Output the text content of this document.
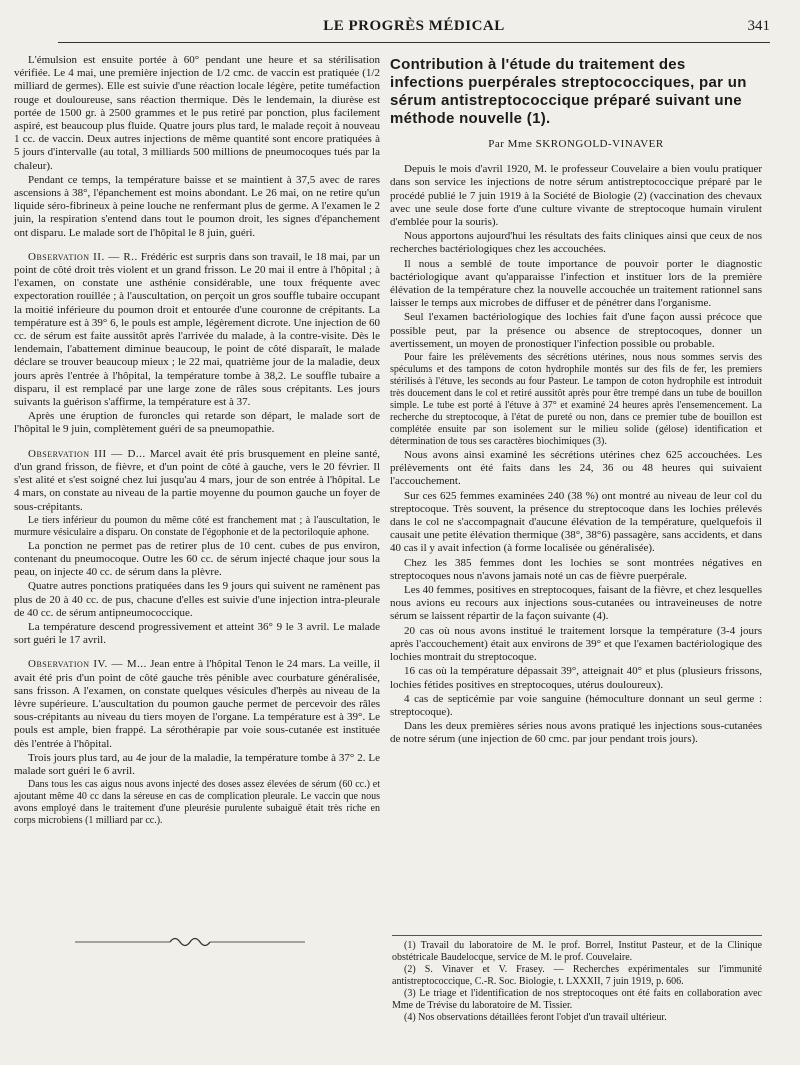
LE PROGRÈS MÉDICAL	341

L'émulsion est ensuite portée à 60° pendant une heure et sa stérilisation vérifiée. Le 4 mai, une première injection de 1/2 cmc. de vaccin est pratiquée (1/2 milliard de germes). Elle est suivie d'une réaction locale légère, petite tuméfaction rouge et douloureuse, sans réaction thermique. Dès le lendemain, la diurèse est portée de 1500 gr. à 2500 grammes et le pus retiré par ponction, plus facilement aspiré, est beaucoup plus fluide. Quatre jours plus tard, le malade reçoit à nouveau 1 cc. de vaccin. Deux autres injections de même quantité sont encore pratiquées à 5 jours d'intervalle (au total, 3 milliards 500 millions de pneumocoques tués par la chaleur).

Pendant ce temps, la température baisse et se maintient à 37,5 avec de rares ascensions à 38°, l'épanchement est moins abondant. Le 26 mai, on ne retire qu'un liquide séro-fibrineux à peine louche ne renfermant plus de germe. A l'examen le 2 juin, la respiration s'entend dans tout le poumon droit, les signes d'épanchement ont disparu. Le malade sort de l'hôpital le 8 juin, guéri.

Observation II. — R.. Frédéric est surpris dans son travail, le 18 mai, par un point de côté droit très violent et un grand frisson. Le 20 mai il entre à l'hôpital ; à l'examen, on constate une asthénie considérable, une toux fréquente avec expectoration rouillée ; à l'auscultation, on perçoit un gros souffle tubaire occupant la moitié inférieure du poumon droit et entourée d'une couronne de crépitants. La température est à 39° 6, le pouls est ample, légèrement dicrote. Une injection de 60 cc. de sérum est faite aussitôt après l'arrivée du malade, à la contre-visite. Dès le lendemain, l'abattement diminue beaucoup, le point de côté disparaît, le malade déclare se trouver beaucoup mieux ; le 22 mai, quatrième jour de la maladie, deux jours après l'entrée à l'hôpital, la température tombe à 38,2. Le souffle tubaire a disparu, il est remplacé par une large zone de râles sous crépitants. Les jours suivants la guérison s'affirme, la température est à 37.

Après une éruption de furoncles qui retarde son départ, le malade sort de l'hôpital le 9 juin, complètement guéri de sa pneumopathie.

Observation III — D... Marcel avait été pris brusquement en pleine santé, d'un grand frisson, de fièvre, et d'un point de côté à gauche, vers le 20 février. Il s'est alité et s'est soigné chez lui jusqu'au 4 mars, jour de son entrée à l'hôpital. Le 4 mars, on constate au niveau de la partie moyenne du poumon gauche un foyer de sous-crépitants.

Le tiers inférieur du poumon du même côté est franchement mat ; à l'auscultation, le murmure vésiculaire a disparu. On constate de l'égophonie et de la pectoriloquie aphone.

La ponction ne permet pas de retirer plus de 10 cent. cubes de pus environ, contenant du pneumocoque. Outre les 60 cc. de sérum injecté chaque jour sous la peau, on injecte 40 cc. de sérum dans la plèvre.

Quatre autres ponctions pratiquées dans les 9 jours qui suivent ne ramènent pas plus de 20 à 40 cc. de pus, chacune d'elles est suivie d'une injection intra-pleurale de 40 cc. de sérum antipneumococcique.

La température descend progressivement et atteint 36° 9 le 3 avril. Le malade sort guéri le 17 avril.

Observation IV. — M... Jean entre à l'hôpital Tenon le 24 mars. La veille, il avait été pris d'un point de côté gauche très pénible avec courbature généralisée, sans frisson. A l'examen, on constate quelques vésicules d'herpès au niveau de la lèvre supérieure. L'auscultation du poumon gauche permet de percevoir des râles sous-crépitants au niveau du tiers moyen de l'organe. La température est à 39°. Le pouls est ample, bien frappé. La sérothérapie par voie sous-cutanée est instituée dès l'entrée à l'hôpital.

Trois jours plus tard, au 4e jour de la maladie, la température tombe à 37° 2. Le malade sort guéri le 6 avril.

Dans tous les cas aigus nous avons injecté des doses assez élevées de sérum (60 cc.) et ajoutant même 40 cc dans la séreuse en cas de complication pleurale. Le vaccin que nous avons employé dans le traitement d'une pleurésie purulente subaiguë était très riche en corps microbiens (1 milliard par cc.).

Contribution à l'étude du traitement des infections puerpérales streptococciques, par un sérum antistreptococcique préparé suivant une méthode nouvelle (1).
Par Mme SKRONGOLD-VINAVER

Depuis le mois d'avril 1920, M. le professeur Couvelaire a bien voulu pratiquer dans son service les injections de notre sérum antistreptococcique préparé par le procédé publié le 7 juin 1919 à la Société de Biologie (2) (vaccination des chevaux avec une seule dose forte d'une culture vivante de streptocoque humain virulent d'emblée pour la souris).

Nous apportons aujourd'hui les résultats des faits cliniques ainsi que ceux de nos recherches bactériologiques chez les accouchées.

Il nous a semblé de toute importance de pouvoir porter le diagnostic bactériologique avant qu'apparaisse l'infection et instituer lors de la première élévation de la température chez la nouvelle accouchée un traitement rationnel sans laisser le temps aux microbes de diffuser et de pénétrer dans l'organisme.

Seul l'examen bactériologique des lochies fait d'une façon aussi précoce que possible peut, par la présence ou absence de streptocoques, donner un avertissement, un moyen de pronostiquer l'infection possible ou probable.

Pour faire les prélèvements des sécrétions utérines, nous nous sommes servis des spéculums et des tampons de coton hydrophile montés sur des fils de fer, les premiers stérilisés à l'étuve, les seconds au four Pasteur. Le tampon de coton hydrophile est introduit très doucement dans le col et retiré aussitôt après pour être trempé dans un tube de bouillon simple. Le tube est porté à l'étuve à 37° et examiné 24 heures après l'ensemencement. La recherche du streptocoque, à l'état de pureté ou non, dans ce premier tube de bouillon est complétée ensuite par son isolement sur le milieu solide (gélose) identification et détermination de tous ses caractères biochimiques (3).

Nous avons ainsi examiné les sécrétions utérines chez 625 accouchées. Les prélèvements ont été faits dans les 24, 36 ou 48 heures qui suivaient l'accouchement.

Sur ces 625 femmes examinées 240 (38 %) ont montré au niveau de leur col du streptocoque. Très souvent, la présence du streptocoque dans les lochies prélevés dans le col ne s'accompagnait d'aucune élévation de la température, quelquefois il causait une petite élévation thermique (38°, 38°6) passagère, sans accidents, et dans 40 cas il y avait infection (à forme localisée ou généralisée).

Chez les 385 femmes dont les lochies se sont montrées négatives en streptocoques nous n'avons jamais noté un cas de fièvre puerpérale.

Les 40 femmes, positives en streptocoques, faisant de la fièvre, et chez lesquelles nous avions eu recours aux injections sous-cutanées ou intraveineuses de notre sérum se laissent répartir de la façon suivante (4).

20 cas où nous avons institué le traitement lorsque la température (3-4 jours après l'accouchement) était aux environs de 39° et que l'examen bactériologique des lochies montrait du streptocoque.

16 cas où la température dépassait 39°, atteignait 40° et plus (plusieurs frissons, lochies fétides positives en streptocoques, utérus douloureux).

4 cas de septicémie par voie sanguine (hémoculture donnant un seul germe : streptocoque).

Dans les deux premières séries nous avons pratiqué les injections sous-cutanées de notre sérum (une injection de 60 cmc. par jour pendant trois jours).

(1) Travail du laboratoire de M. le prof. Borrel, Institut Pasteur, et de la Clinique obstétricale Baudelocque, service de M. le prof. Couvelaire.

(2) S. Vinaver et V. Frasey. — Recherches expérimentales sur l'immunité antistreptococcique, C.-R. Soc. Biologie, t. LXXXII, 7 juin 1919, p. 606.

(3) Le triage et l'identification de nos streptocoques ont été faits en collaboration avec Mme de Trévise du laboratoire de M. Tissier.

(4) Nos observations détaillées feront l'objet d'un travail ultérieur.
